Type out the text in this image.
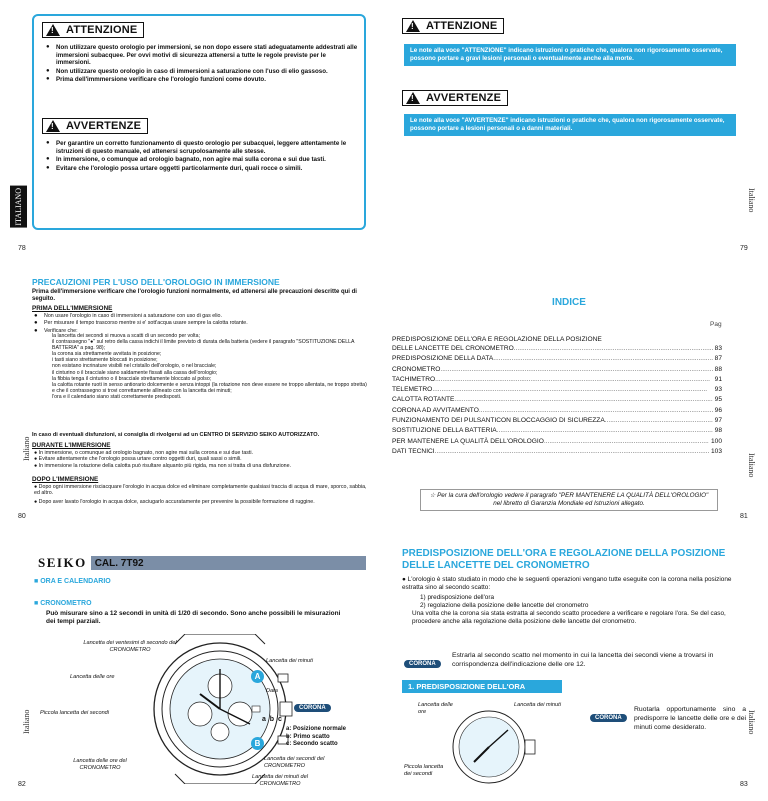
!
ATTENZIONE
● Non utilizzare questo orologio per immersioni, se non dopo essere stati adeguatamente addestrati alle immersioni subacquee. Per ovvi motivi di sicurezza attenersi a tutte le regole previste per le immersioni.
● Non utilizzare questo orologio in caso di immersioni a saturazione con l'uso di elio gassoso.
● Prima dell'immmersione verificare che l'orologio funzioni come dovuto.
!
AVVERTENZE
● Per garantire un corretto funzionamento di questo orologio per subacquei, leggere attentamente le istruzioni di questo manuale, ed attenersi scrupolosamente alle stesse.
● In immersione, o comunque ad orologio bagnato, non agire mai sulla corona e sui due tasti.
● Evitare che l'orologio possa urtare oggetti particolarmente duri, quali rocce o simili.
ITALIANO
78
!
ATTENZIONE
Le note alla voce "ATTENZIONE" indicano istruzioni o pratiche che, qualora non rigorosamente osservate, possono portare a gravi lesioni personali o eventualmente anche alla morte.
!
AVVERTENZE
Le note alla voce "AVVERTENZE" indicano istruzioni o pratiche che, qualora non rigorosamente osservate, possono portare a lesioni personali o a danni materiali.
Italiano
79
PRECAUZIONI PER L'USO DELL'OROLOGIO IN IMMERSIONE
Prima dell'immersione verificare che l'orologio funzioni normalmente, ed attenersi alle precauzioni descritte qui di seguito.
PRIMA DELL'IMMERSIONE
● Non usare l'orologio in caso di immersioni a saturazione con uso di gas elio.
● Per misurare il tempo trascorso mentre si e' sott'acqua usare sempre la calotta rotante.
● Verificare che:
la lancetta dei secondi si muova a scatti di un secondo per volta;
il contrassegno "●" sul retro della cassa indichi il limite previsto di durata della batteria (vedere il paragrafo "SOSTITUZIONE DELLA BATTERIA" a pag. 98);
la corona sia strettamente avvitata in posizione;
i tasti siano strettamente bloccati in posizione;
non esistano incrinature visibili nel cristallo dell'orologio, o nel bracciale;
il cinturino o il bracciale siano saldamente fissati alla cassa dell'orologio;
la fibbia tenga il cinturino o il bracciale strettamente bloccato al polso;
la calotta rotante ruoti in senso antiorario dolcemente e senza intoppi (la rotazione non deve essere ne troppo allentata, ne troppo stretta) e che il contrassegno si trovi correttamente allineato con la lancetta dei minuti;
l'ora e il calendario siano stati correttamente predisposti.
In caso di eventuali disfunzioni, si consiglia di rivolgersi ad un CENTRO DI SERVIZIO SEIKO AUTORIZZATO.
DURANTE L'IMMERSIONE
● In immersione, o comunque ad orologio bagnato, non agire mai sulla corona e sui due tasti.
● Evitare attentamente che l'orologio possa urtare contro oggetti duri, quali sassi o simili.
● In immersione la rotazione della calotta può risultare alquanto più rigida, ma non si tratta di una disfunzione.
DOPO L'IMMERSIONE
● Dopo ogni immersione risciacquare l'orologio in acqua dolce ed eliminare completamente qualsiasi traccia di acqua di mare, sporco, sabbia, ed altro.
● Dopo aver lavato l'orologio in acqua dolce, asciugarlo accuratamente per prevenire la possibile formazione di ruggine.
Italiano
80
INDICE
Pag
PREDISPOSIZIONE DELL'ORA E REGOLAZIONE DELLA POSIZIONE
DELLE LANCETTE DEL CRONOMETRO .....	83
PREDISPOSIZIONE DELLA DATA .....	87
CRONOMETRO .....	88
TACHIMETRO .....	91
TELEMETRO .....	93
CALOTTA ROTANTE .....	95
CORONA AD AVVITAMENTO .....	96
FUNZIONAMENTO DEI PULSANTICON BLOCCAGGIO DI SICUREZZA .....	97
SOSTITUZIONE DELLA BATTERIA .....	98
PER MANTENERE LA QUALITÀ DELL'OROLOGIO .....	100
DATI TECNICI .....	103
☆ Per la cura dell'orologio vedere il paragrafo "PER MANTENERE LA QUALITÀ DELL'OROLOGIO" nel libretto di Garanzia Mondiale ed Istruzioni allegato.
Italiano
81
SEIKO CAL. 7T92
■ ORA E CALENDARIO
■ CRONOMETRO
Può misurare sino a 12 secondi in unità di 1/20 di secondo. Sono anche possibili le misurazioni dei tempi parziali.
A
B
Lancetta dei ventesimi di secondo del CRONOMETRO
Lancetta delle ore
Piccola lancetta dei secondi
Lancetta delle ore del CRONOMETRO
Lancetta dei minuti
Data
CORONA
a  b  c
a: Posizione normale
b: Primo scatto
c: Secondo scatto
Lancetta dei secondi del CRONOMETRO
Lancetta dei minuti del CRONOMETRO
Italiano
82
PREDISPOSIZIONE DELL'ORA E REGOLAZIONE DELLA POSIZIONE DELLE LANCETTE DEL CRONOMETRO
● L'orologio è stato studiato in modo che le seguenti operazioni vengano tutte eseguite con la corona nella posizione estratta sino al secondo scatto:
1) predisposizione dell'ora
2) regolazione della posizione delle lancette del cronometro
Una volta che la corona sia stata estratta al secondo scatto procedere a verificare e regolare l'ora. Se del caso, procedere anche alla regolazione della posizione delle lancette del cronometro.
CORONA
Estrarla al secondo scatto nel momento in cui la lancetta dei secondi viene a trovarsi in corrispondenza dell'indicazione delle ore 12.
1. PREDISPOSIZIONE DELL'ORA
Lancetta delle ore
Lancetta dei minuti
Piccola lancetta dei secondi
CORONA
Ruotarla opportunamente sino a predisporre le lancette delle ore e dei minuti come desiderato.	Italiano
83
